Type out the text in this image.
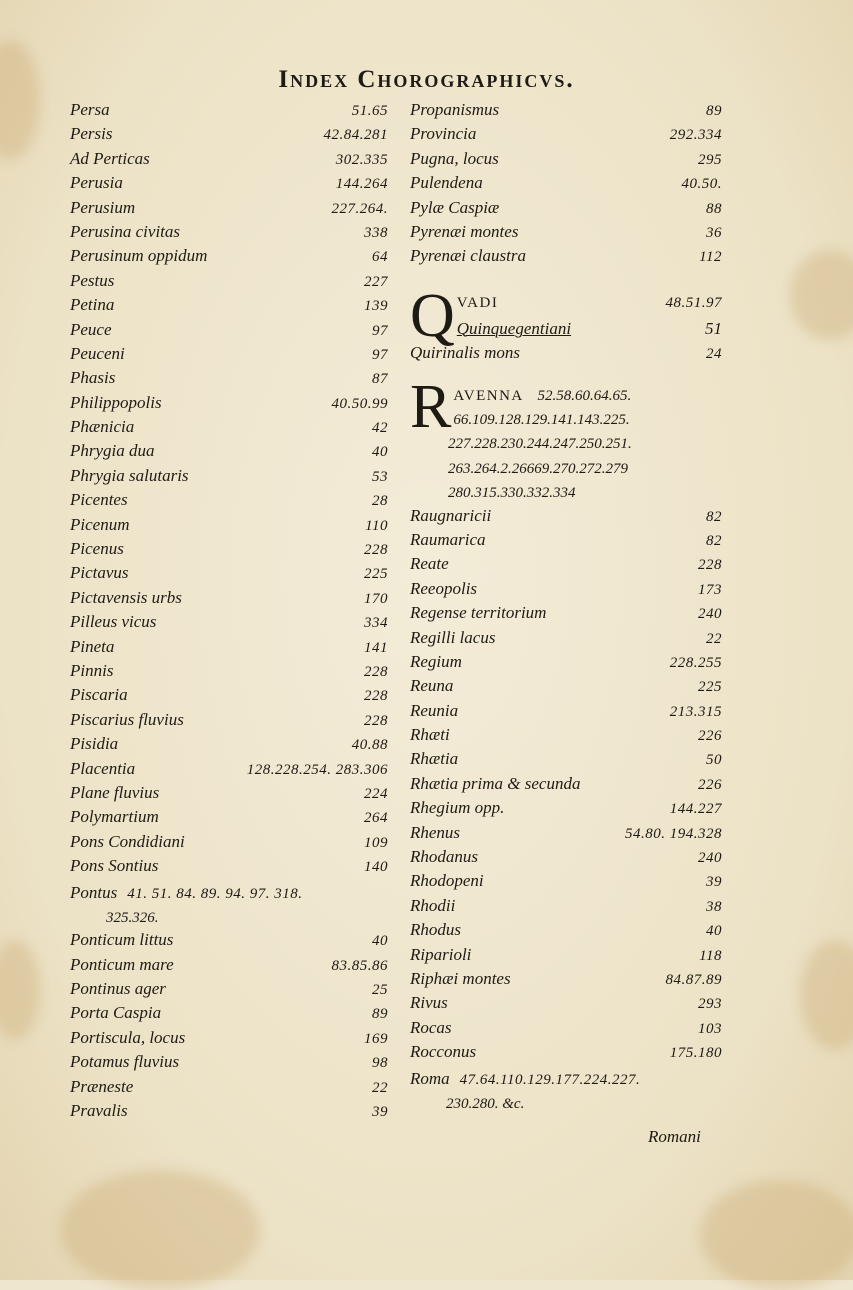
Index Chorographicvs.
Persa	51.65
Persis	42.84.281
Ad Perticas	302.335
Perusia	144.264
Perusium	227.264.
Perusina civitas	338
Perusinum oppidum	64
Pestus	227
Petina	139
Peuce	97
Peuceni	97
Phasis	87
Philippopolis	40.50.99
Phænicia	42
Phrygia dua	40
Phrygia salutaris	53
Picentes	28
Picenum	110
Picenus	228
Pictavus	225
Pictavensis urbs	170
Pilleus vicus	334
Pineta	141
Pinnis	228
Piscaria	228
Piscarius fluvius	228
Pisidia	40.88
Placentia	128.228.254. 283.306
Plane fluvius	224
Polymartium	264
Pons Condidiani	109
Pons Sontius	140
Pontus 41. 51. 84. 89. 94. 97. 318.
325.326.
Ponticum littus	40
Ponticum mare	83.85.86
Pontinus ager	25
Porta Caspia	89
Portiscula, locus	169
Potamus fluvius	98
Præneste	22
Pravalis	39
Propanismus	89
Provincia	292.334
Pugna, locus	295
Pulendena	40.50.
Pylæ Caspiæ	88
Pyrenæi montes	36
Pyrenæi claustra	112
Q VADI	48.51.97
Quinquegentiani	51
Quirinalis mons	24
R AVENNA 52.58.60.64.65.
66.109.128.129.141.143.225.
227.228.230.244.247.250.251.
263.264.2.26669.270.272.279
280.315.330.332.334
Raugnaricii	82
Raumarica	82
Reate	228
Reeopolis	173
Regense territorium	240
Regilli lacus	22
Regium	228.255
Reuna	225
Reunia	213.315
Rhæti	226
Rhætia	50
Rhætia prima & secunda	226
Rhegium opp.	144.227
Rhenus	54.80. 194.328
Rhodanus	240
Rhodopeni	39
Rhodii	38
Rhodus	40
Riparioli	118
Riphæi montes	84.87.89
Rivus	293
Rocas	103
Rocconus	175.180
Roma 47.64.110.129.177.224.227.
230.280. &c.
Romani
